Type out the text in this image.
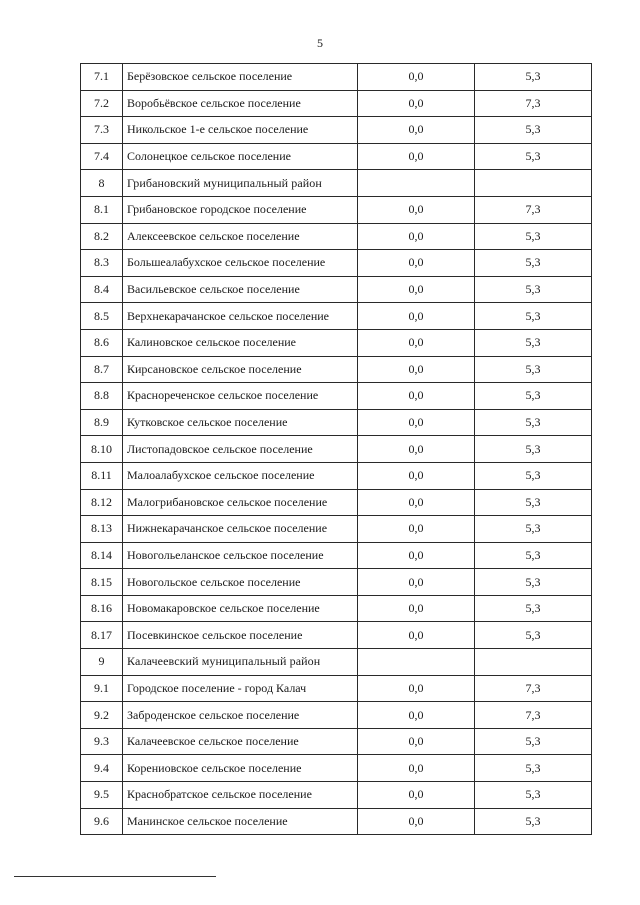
5
7.1	Берёзовское сельское поселение	0,0	5,3
7.2	Воробьёвское сельское поселение	0,0	7,3
7.3	Никольское 1-е сельское поселение	0,0	5,3
7.4	Солонецкое сельское поселение	0,0	5,3
8	Грибановский муниципальный район		
8.1	Грибановское городское поселение	0,0	7,3
8.2	Алексеевское сельское поселение	0,0	5,3
8.3	Большеалабухское сельское поселение	0,0	5,3
8.4	Васильевское сельское поселение	0,0	5,3
8.5	Верхнекарачанское сельское поселение	0,0	5,3
8.6	Калиновское сельское поселение	0,0	5,3
8.7	Кирсановское сельское поселение	0,0	5,3
8.8	Краснореченское сельское поселение	0,0	5,3
8.9	Кутковское сельское поселение	0,0	5,3
8.10	Листопадовское сельское поселение	0,0	5,3
8.11	Малоалабухское сельское поселение	0,0	5,3
8.12	Малогрибановское сельское поселение	0,0	5,3
8.13	Нижнекарачанское сельское поселение	0,0	5,3
8.14	Новогольеланское сельское поселение	0,0	5,3
8.15	Новогольское сельское поселение	0,0	5,3
8.16	Новомакаровское сельское поселение	0,0	5,3
8.17	Посевкинское сельское поселение	0,0	5,3
9	Калачеевский муниципальный район		
9.1	Городское поселение - город Калач	0,0	7,3
9.2	Заброденское сельское поселение	0,0	7,3
9.3	Калачеевское сельское поселение	0,0	5,3
9.4	Корениовское сельское поселение	0,0	5,3
9.5	Краснобратское сельское поселение	0,0	5,3
9.6	Манинское сельское поселение	0,0	5,3
